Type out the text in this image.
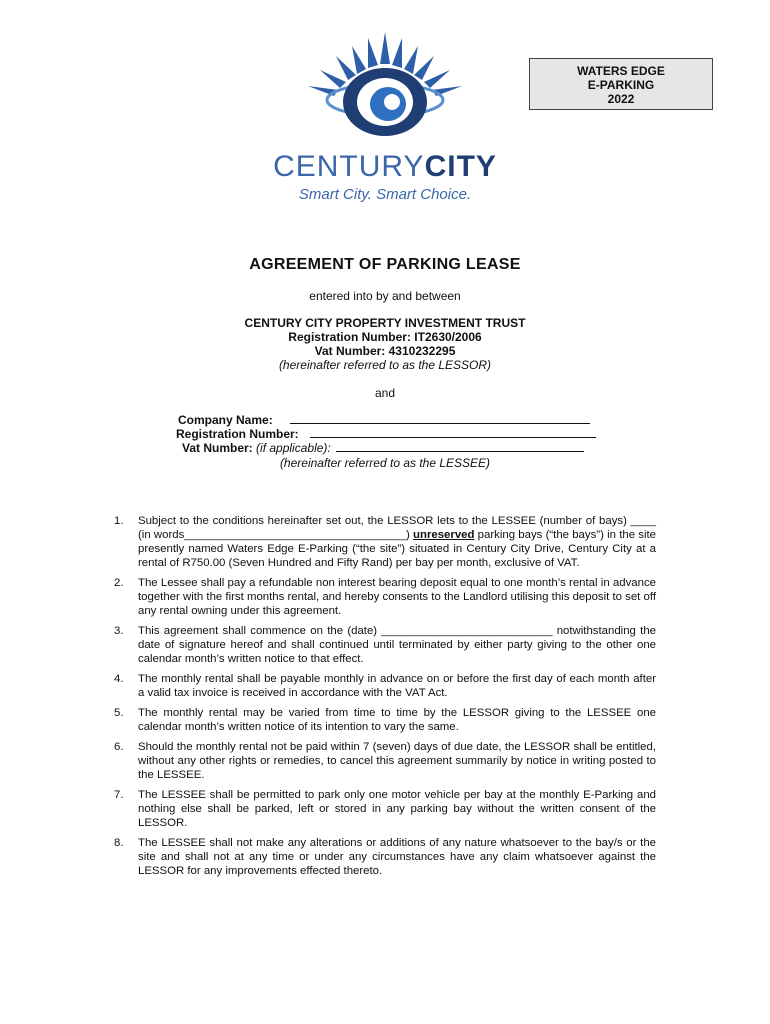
WATERS EDGE
E-PARKING
2022
CENTURYCITY
Smart City. Smart Choice.
AGREEMENT OF PARKING LEASE
entered into by and between
CENTURY CITY PROPERTY INVESTMENT TRUST
Registration Number: IT2630/2006
Vat Number: 4310232295
(hereinafter referred to as the LESSOR)
and
Company Name:
Registration Number:
Vat Number: (if applicable):
(hereinafter referred to as the LESSEE)
1. Subject to the conditions hereinafter set out, the LESSOR lets to the LESSEE (number of bays) ____ (in words___________________________________) unreserved parking bays (“the bays”) in the site presently named Waters Edge E-Parking (“the site”) situated in Century City Drive, Century City at a rental of R750.00 (Seven Hundred and Fifty Rand) per bay per month, exclusive of VAT.
2. The Lessee shall pay a refundable non interest bearing deposit equal to one month’s rental in advance together with the first months rental, and hereby consents to the Landlord utilising this deposit to set off any rental owning under this agreement.
3. This agreement shall commence on the (date) ___________________________ notwithstanding the date of signature hereof and shall continued until terminated by either party giving to the other one calendar month’s written notice to that effect.
4. The monthly rental shall be payable monthly in advance on or before the first day of each month after a valid tax invoice is received in accordance with the VAT Act.
5. The monthly rental may be varied from time to time by the LESSOR giving to the LESSEE one calendar month’s written notice of its intention to vary the same.
6. Should the monthly rental not be paid within 7 (seven) days of due date, the LESSOR shall be entitled, without any other rights or remedies, to cancel this agreement summarily by notice in writing posted to the LESSEE.
7. The LESSEE shall be permitted to park only one motor vehicle per bay at the monthly E-Parking and nothing else shall be parked, left or stored in any parking bay without the written consent of the LESSOR.
8. The LESSEE shall not make any alterations or additions of any nature whatsoever to the bay/s or the site and shall not at any time or under any circumstances have any claim whatsoever against the LESSOR for any improvements effected thereto.
